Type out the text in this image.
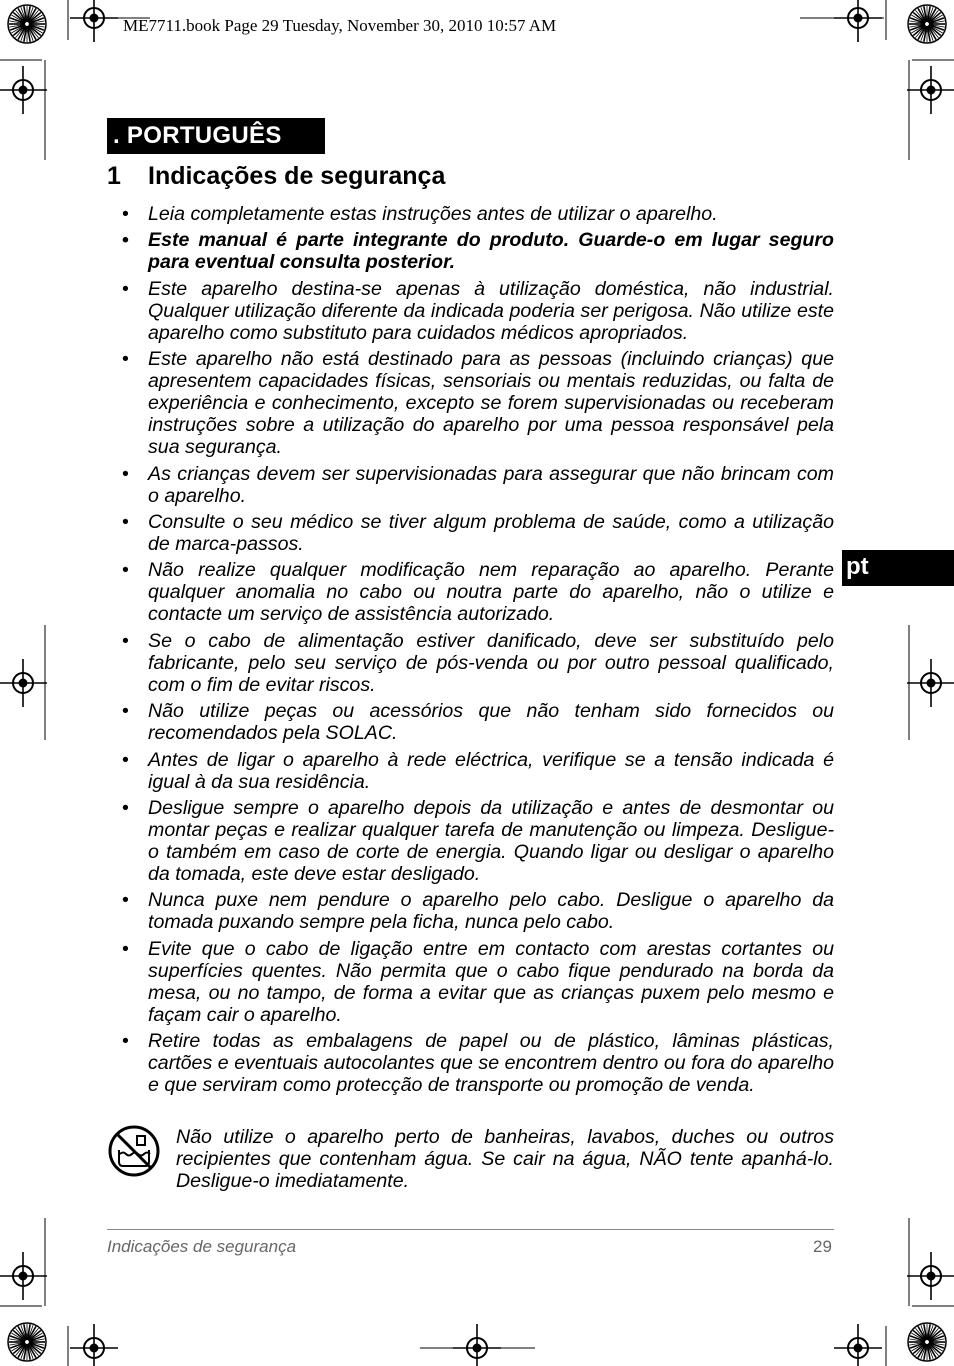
ME7711.book Page 29 Tuesday, November 30, 2010 10:57 AM
. PORTUGUÊS
1 Indicações de segurança
pt
• Leia completamente estas instruções antes de utilizar o aparelho.
• Este manual é parte integrante do produto. Guarde-o em lugar seguro para eventual consulta posterior.
• Este aparelho destina-se apenas à utilização doméstica, não industrial. Qualquer utilização diferente da indicada poderia ser perigosa. Não utilize este aparelho como substituto para cuidados médicos apropriados.
• Este aparelho não está destinado para as pessoas (incluindo crianças) que apresentem capacidades físicas, sensoriais ou mentais reduzidas, ou falta de experiência e conhecimento, excepto se forem supervisionadas ou receberam instruções sobre a utilização do aparelho por uma pessoa responsável pela sua segurança.
• As crianças devem ser supervisionadas para assegurar que não brincam com o aparelho.
• Consulte o seu médico se tiver algum problema de saúde, como a utilização de marca-passos.
• Não realize qualquer modificação nem reparação ao aparelho. Perante qualquer anomalia no cabo ou noutra parte do aparelho, não o utilize e contacte um serviço de assistência autorizado.
• Se o cabo de alimentação estiver danificado, deve ser substituído pelo fabricante, pelo seu serviço de pós-venda ou por outro pessoal qualificado, com o fim de evitar riscos.
• Não utilize peças ou acessórios que não tenham sido fornecidos ou recomendados pela SOLAC.
• Antes de ligar o aparelho à rede eléctrica, verifique se a tensão indicada é igual à da sua residência.
• Desligue sempre o aparelho depois da utilização e antes de desmontar ou montar peças e realizar qualquer tarefa de manutenção ou limpeza. Desligue-o também em caso de corte de energia. Quando ligar ou desligar o aparelho da tomada, este deve estar desligado.
• Nunca puxe nem pendure o aparelho pelo cabo. Desligue o aparelho da tomada puxando sempre pela ficha, nunca pelo cabo.
• Evite que o cabo de ligação entre em contacto com arestas cortantes ou superfícies quentes. Não permita que o cabo fique pendurado na borda da mesa, ou no tampo, de forma a evitar que as crianças puxem pelo mesmo e façam cair o aparelho.
• Retire todas as embalagens de papel ou de plástico, lâminas plásticas, cartões e eventuais autocolantes que se encontrem dentro ou fora do aparelho e que serviram como protecção de transporte ou promoção de venda.
Não utilize o aparelho perto de banheiras, lavabos, duches ou outros recipientes que contenham água. Se cair na água, NÃO tente apanhá-lo. Desligue-o imediatamente.
Indicações de segurança	29
